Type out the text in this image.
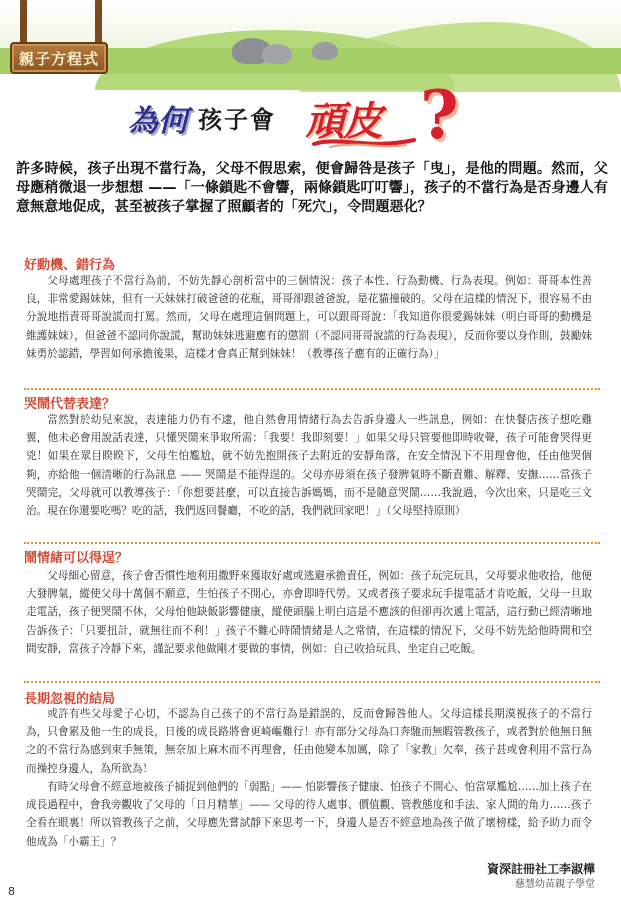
親子方程式
為何 孩子會 頑皮 ?
許多時候，孩子出現不當行為，父母不假思索，便會歸咎是孩子「曳」，是他的問題。然而，父母應稍微退一步想想 ——「一條鎖匙不會響，兩條鎖匙叮叮響」，孩子的不當行為是否身邊人有意無意地促成，甚至被孩子掌握了照顧者的「死穴」，令問題惡化？
好動機、錯行為
父母處理孩子不當行為前，不妨先靜心剖析當中的三個情況：孩子本性、行為動機、行為表現。例如：哥哥本性善良，非常愛錫妹妹，但有一天妹妹打破爸爸的花瓶，哥哥卻跟爸爸說，是花貓撞破的。父母在這樣的情況下，很容易不由分說地指責哥哥說謊而打罵。然而，父母在處理這個問題上，可以跟哥哥說：「我知道你很愛錫妹妹（明白哥哥的動機是維護妹妹），但爸爸不認同你說謊，幫助妹妹逃避應有的懲罰（不認同哥哥說謊的行為表現），反而你要以身作則，鼓勵妹妹勇於認錯，學習如何承擔後果，這樣才會真正幫到妹妹！（教導孩子應有的正確行為）」
哭鬧代替表達？
當然對於幼兒來說，表達能力仍有不逮，他自然會用情緒行為去告訴身邊人一些訊息，例如：在快餐店孩子想吃雞翼，他未必會用說話表達，只懂哭鬧來爭取所需：「我要！我即刻要！」如果父母只管要他即時收聲，孩子可能會哭得更兇！如果在眾目睽睽下，父母生怕尷尬，就不妨先抱開孩子去附近的安靜角落，在安全情況下不用理會他，任由他哭個夠，亦給他一個清晰的行為訊息 —— 哭鬧是不能得逞的。父母亦毋須在孩子發脾氣時不斷責難、解釋、安撫……當孩子哭鬧完，父母就可以教導孩子：「你想要甚麼，可以直接告訴媽媽，而不是隨意哭鬧……我說過，今次出來，只是吃三文治。現在你還要吃嗎？吃的話，我們返回餐廳，不吃的話，我們就回家吧！」（父母堅持原則）
鬧情緒可以得逞？
父母細心留意，孩子會否慣性地利用撒野來獲取好處或逃避承擔責任，例如：孩子玩完玩具，父母要求他收拾，他便大發脾氣，縱使父母十萬個不願意，生怕孩子不開心，亦會即時代勞。又或者孩子要求玩手提電話才肯吃飯，父母一旦取走電話，孩子便哭鬧不休，父母怕他缺飯影響健康，縱使頭腦上明白這是不應該的但卻再次遞上電話，這行動已經清晰地告訴孩子：「只要扭計，就無往而不利！」孩子不難心時鬧情緒是人之常情，在這樣的情況下，父母不妨先給他時間和空間安靜，當孩子冷靜下來，謹記要求他做剛才要做的事情，例如：自己收拾玩具、坐定自己吃飯。
長期忽視的結局
或許有些父母愛子心切，不認為自己孩子的不當行為是錯誤的，反而會歸咎他人。父母這樣長期漠視孩子的不當行為，只會累及他一生的成長，日後的成長路將會更崎嶇難行！亦有部分父母為口奔馳而無暇管教孩子，或者對於他無日無之的不當行為感到束手無策，無奈加上麻木而不再理會，任由他變本加厲，除了「家教」欠奉，孩子甚或會利用不當行為而操控身邊人，為所欲為！
有時父母會不經意地被孩子捕捉到他們的「弱點」—— 怕影響孩子健康、怕孩子不開心、怕當眾尷尬……加上孩子在成長過程中，會我旁觀收了父母的「日月精華」—— 父母的待人處事、價值觀、管教態度和手法、家人間的角力……孩子全看在眼裏！所以管教孩子之前，父母應先嘗試靜下來思考一下，身邊人是否不經意地為孩子做了壞榜樣，給予助力而令他成為「小霸王」？
8
資深註冊社工李淑樺
慈慧幼苗親子學堂
